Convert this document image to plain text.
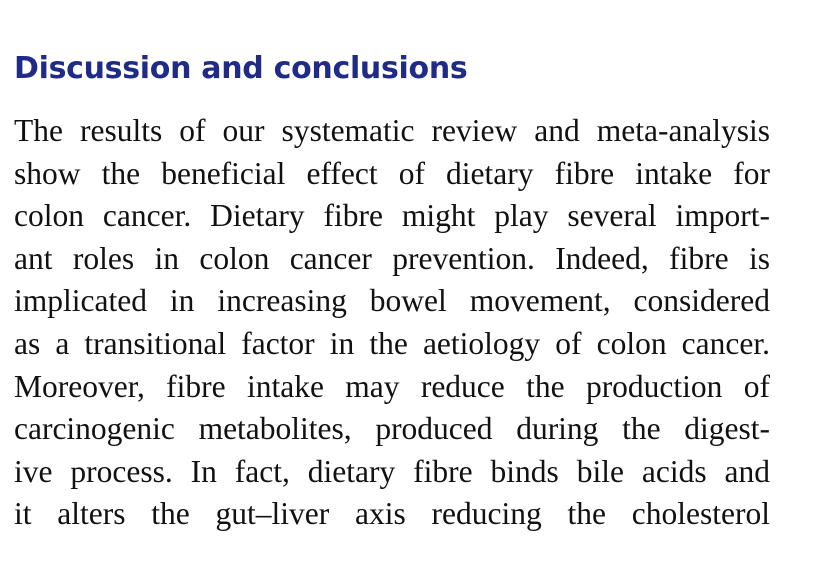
Discussion and conclusions
The results of our systematic review and meta-analysis
show the beneficial effect of dietary fibre intake for
colon cancer. Dietary fibre might play several import-
ant roles in colon cancer prevention. Indeed, fibre is
implicated in increasing bowel movement, considered
as a transitional factor in the aetiology of colon cancer.
Moreover, fibre intake may reduce the production of
carcinogenic metabolites, produced during the digest-
ive process. In fact, dietary fibre binds bile acids and
it alters the gut–liver axis reducing the cholesterol
